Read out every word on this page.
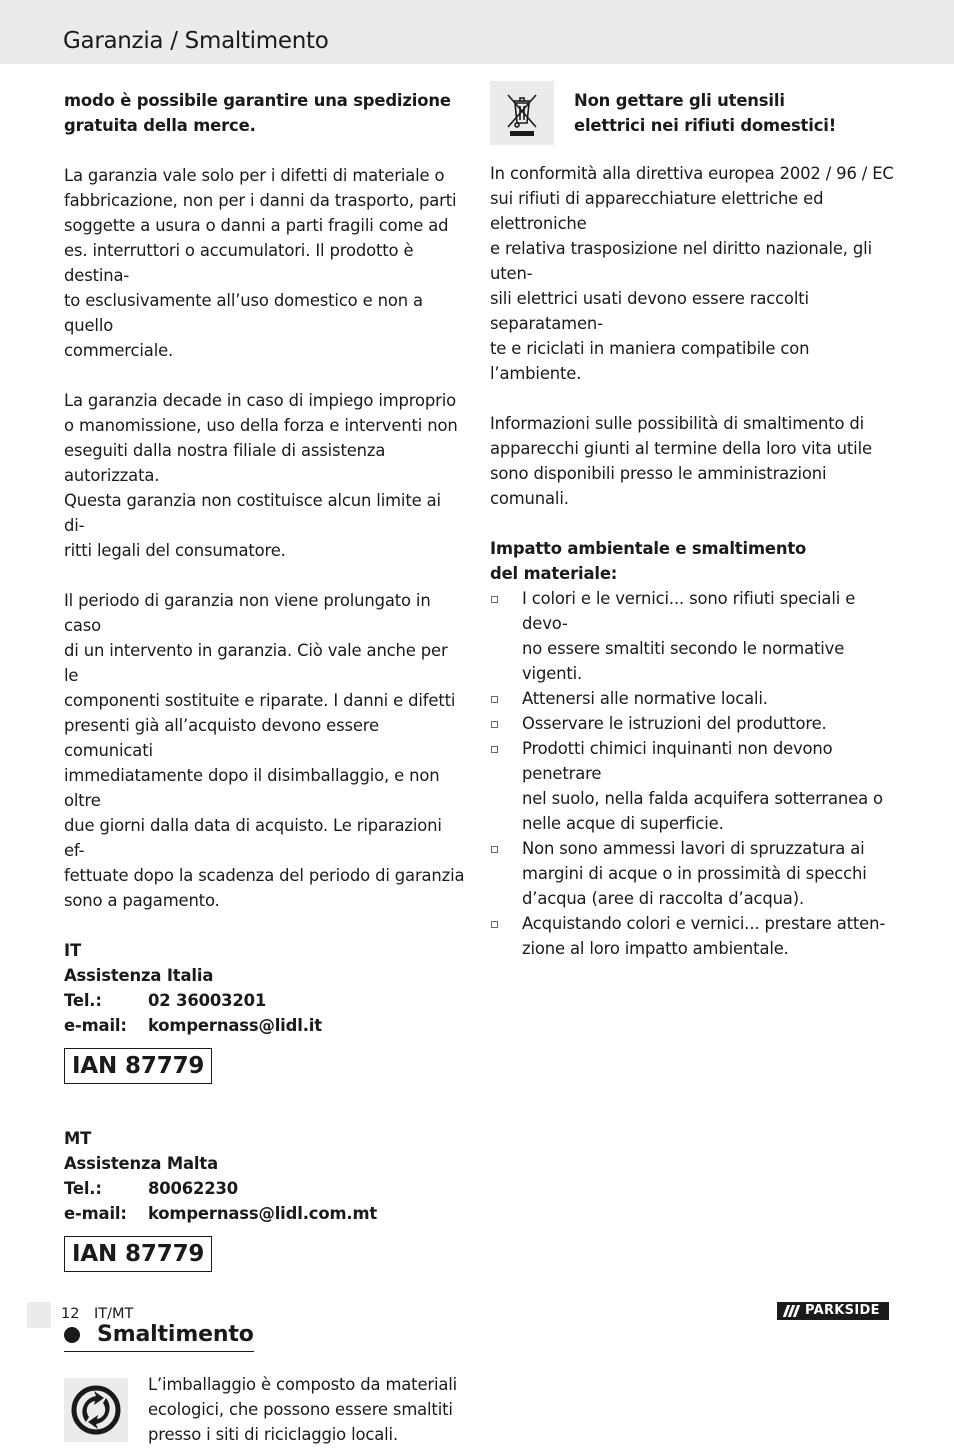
Garanzia / Smaltimento

modo è possibile garantire una spedizione gratuita della merce.

La garanzia vale solo per i difetti di materiale o
fabbricazione, non per i danni da trasporto, parti
soggette a usura o danni a parti fragili come ad
es. interruttori o accumulatori. Il prodotto è destina-
to esclusivamente all’uso domestico e non a quello
commerciale.
La garanzia decade in caso di impiego improprio
o manomissione, uso della forza e interventi non
eseguiti dalla nostra filiale di assistenza autorizzata.
Questa garanzia non costituisce alcun limite ai di-
ritti legali del consumatore.
Il periodo di garanzia non viene prolungato in caso
di un intervento in garanzia. Ciò vale anche per le
componenti sostituite e riparate. I danni e difetti
presenti già all’acquisto devono essere comunicati
immediatamente dopo il disimballaggio, e non oltre
due giorni dalla data di acquisto. Le riparazioni ef-
fettuate dopo la scadenza del periodo di garanzia
sono a pagamento.
IT
Assistenza Italia
Tel.:	02 36003201
e-mail:	kompernass@lidl.it
IAN 87779
MT
Assistenza Malta
Tel.:	80062230
e-mail:	kompernass@lidl.com.mt
IAN 87779
Smaltimento
L’imballaggio è composto da materiali
ecologici, che possono essere smaltiti
presso i siti di riciclaggio locali.
Non gettare gli utensili
elettrici nei rifiuti domestici!
In conformità alla direttiva europea 2002 / 96 / EC
sui rifiuti di apparecchiature elettriche ed elettroniche
e relativa trasposizione nel diritto nazionale, gli uten-
sili elettrici usati devono essere raccolti separatamen-
te e riciclati in maniera compatibile con l’ambiente.
Informazioni sulle possibilità di smaltimento di
apparecchi giunti al termine della loro vita utile
sono disponibili presso le amministrazioni comunali.
Impatto ambientale e smaltimento
del materiale:
I colori e le vernici... sono rifiuti speciali e devo-
no essere smaltiti secondo le normative vigenti.
Attenersi alle normative locali.
Osservare le istruzioni del produttore.
Prodotti chimici inquinanti non devono penetrare
nel suolo, nella falda acquifera sotterranea o
nelle acque di superficie.
Non sono ammessi lavori di spruzzatura ai
margini di acque o in prossimità di specchi
d’acqua (aree di raccolta d’acqua).
Acquistando colori e vernici... prestare atten-
zione al loro impatto ambientale.
12 IT/MT	PARKSIDE
